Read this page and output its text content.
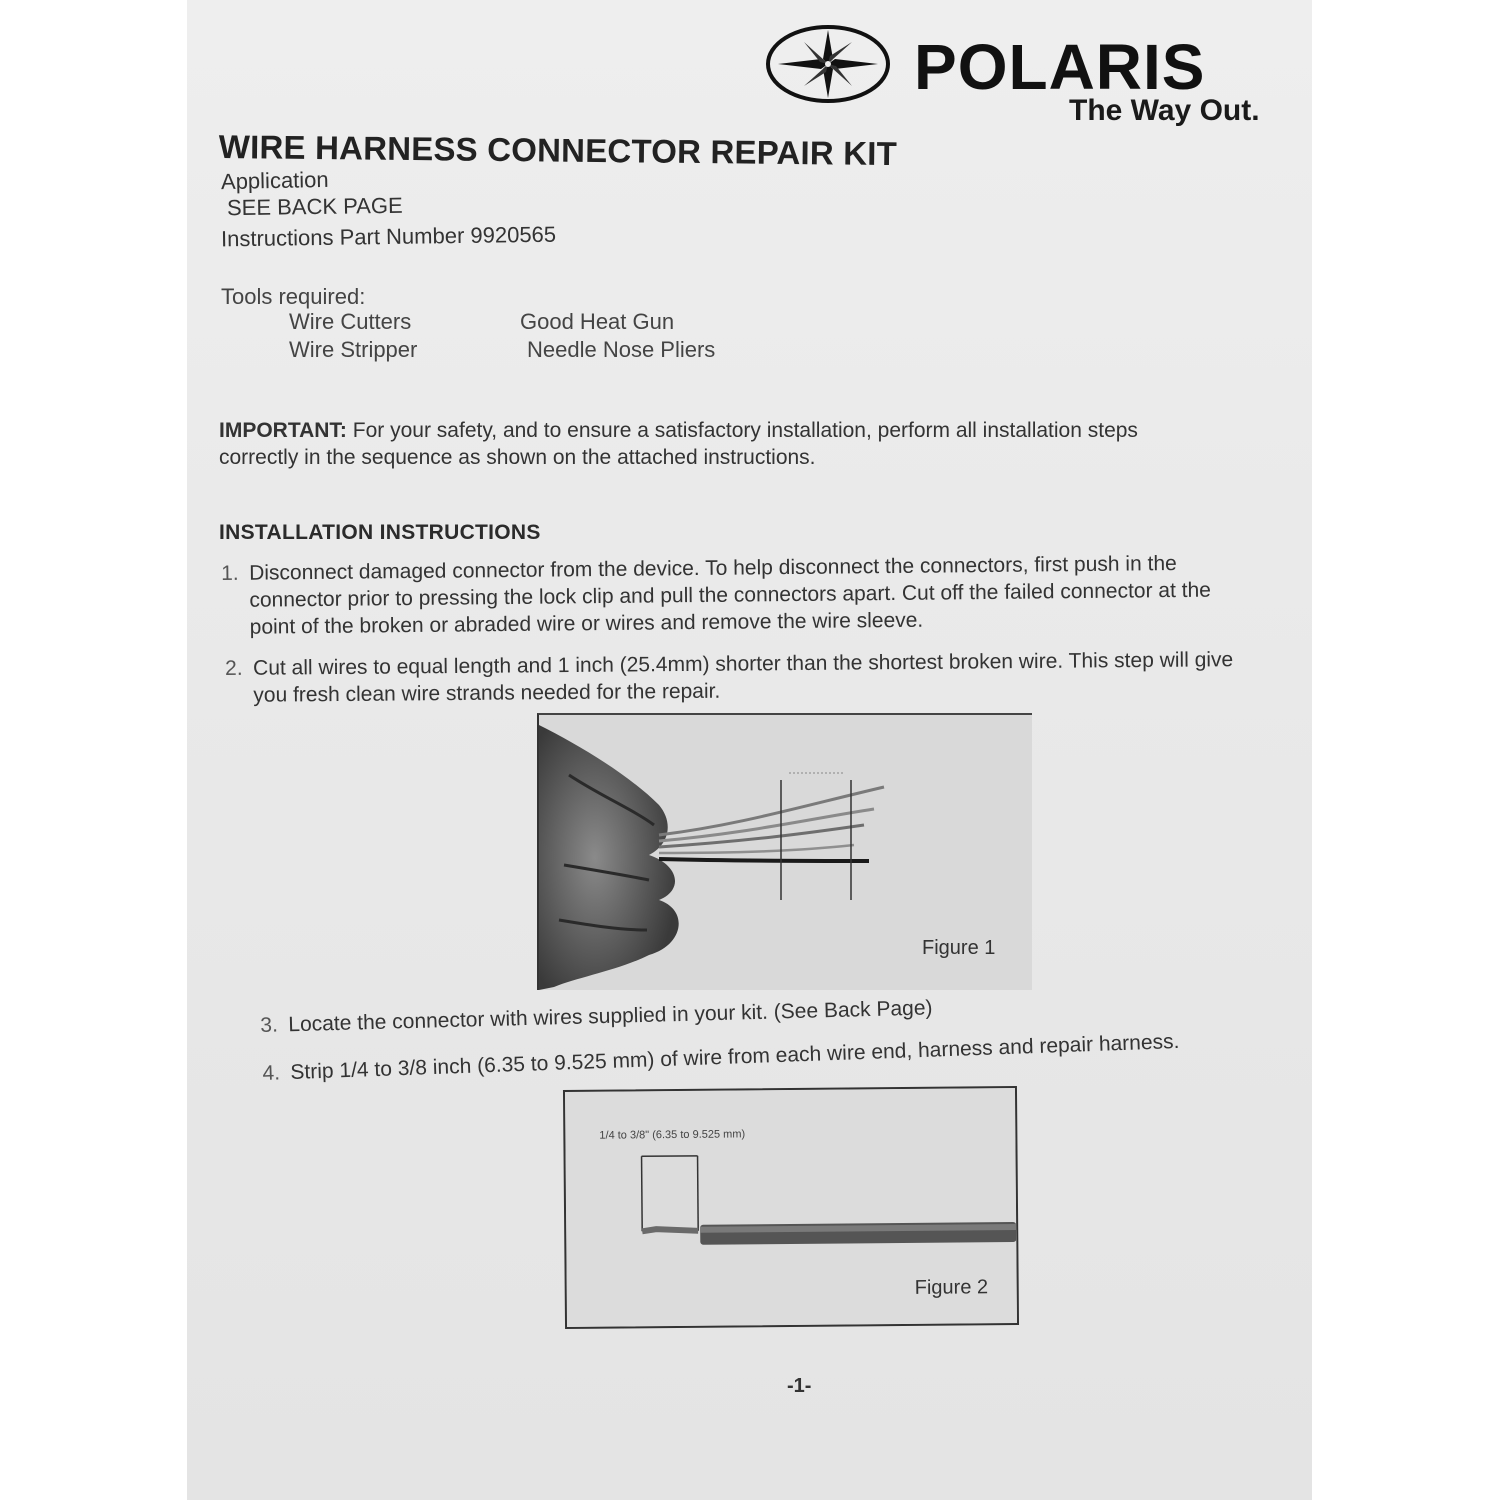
POLARIS
The Way Out.
WIRE HARNESS CONNECTOR REPAIR KIT
Application
SEE BACK PAGE
Instructions Part Number 9920565
Tools required:
Wire Cutters
Wire Stripper
Good Heat Gun
Needle Nose Pliers
IMPORTANT: For your safety, and to ensure a satisfactory installation, perform all installation steps
correctly in the sequence as shown on the attached instructions.
INSTALLATION INSTRUCTIONS
1. Disconnect damaged connector from the device. To help disconnect the connectors, first push in the
connector prior to pressing the lock clip and pull the connectors apart. Cut off the failed connector at the
point of the broken or abraded wire or wires and remove the wire sleeve.
2. Cut all wires to equal length and 1 inch (25.4mm) shorter than the shortest broken wire. This step will give
you fresh clean wire strands needed for the repair.
Figure 1
3. Locate the connector with wires supplied in your kit. (See Back Page)
4. Strip 1/4 to 3/8 inch (6.35 to 9.525 mm) of wire from each wire end, harness and repair harness.
1/4 to 3/8" (6.35 to 9.525 mm)
Figure 2
-1-
